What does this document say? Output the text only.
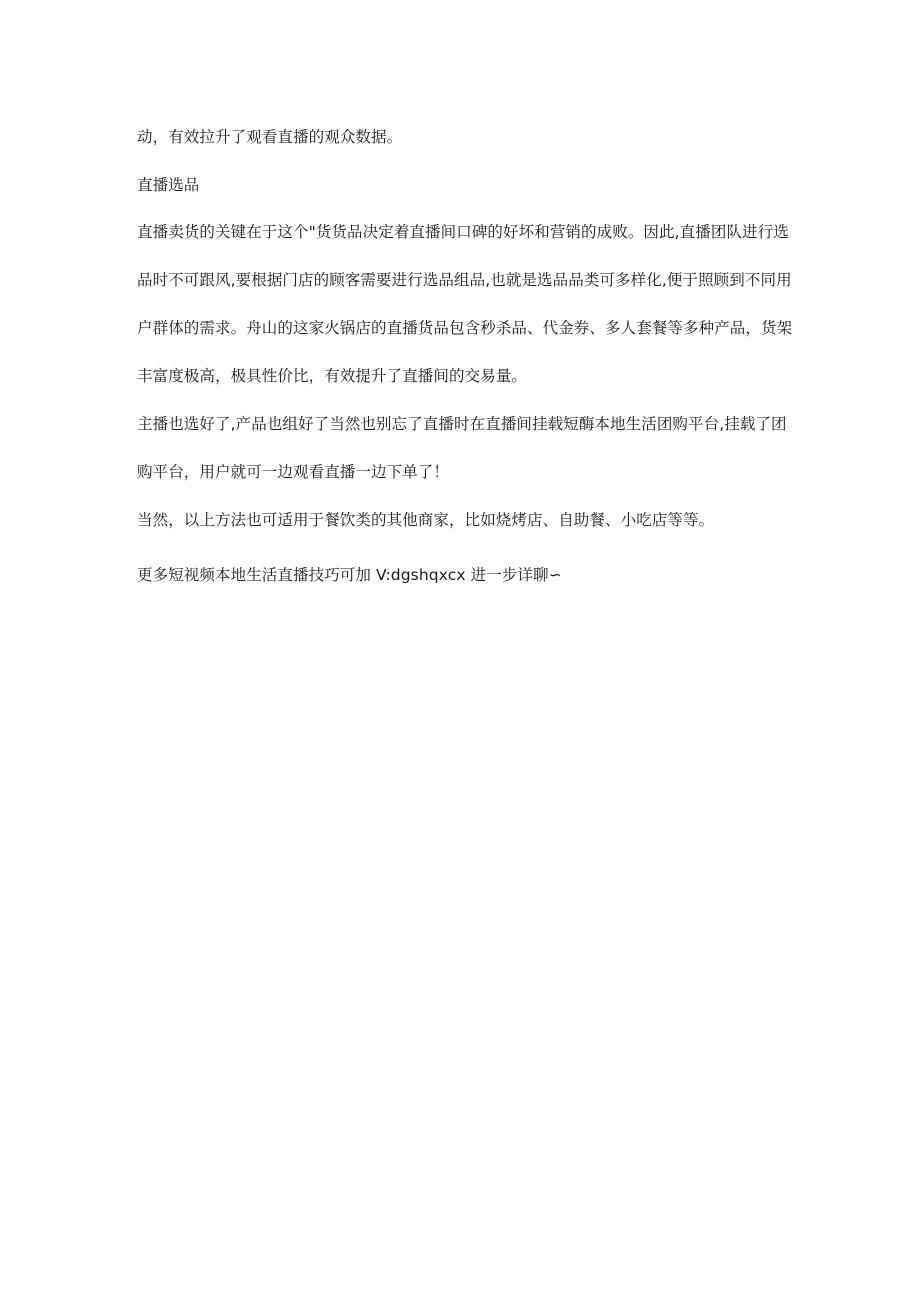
动，有效拉升了观看直播的观众数据。
直播选品
直播卖货的关键在于这个"货货品决定着直播间口碑的好坏和营销的成败。因此,直播团队进行选
品时不可跟风,要根据门店的顾客需要进行选品组品,也就是选品品类可多样化,便于照顾到不同用
户群体的需求。舟山的这家火锅店的直播货品包含秒杀品、代金券、多人套餐等多种产品，货架
丰富度极高，极具性价比，有效提升了直播间的交易量。
主播也选好了,产品也组好了当然也别忘了直播时在直播间挂载短酶本地生活团购平台,挂载了团
购平台，用户就可一边观看直播一边下单了！
当然，以上方法也可适用于餐饮类的其他商家，比如烧烤店、自助餐、小吃店等等。
更多短视频本地生活直播技巧可加 V:dgshqxcx 进一步详聊∽
